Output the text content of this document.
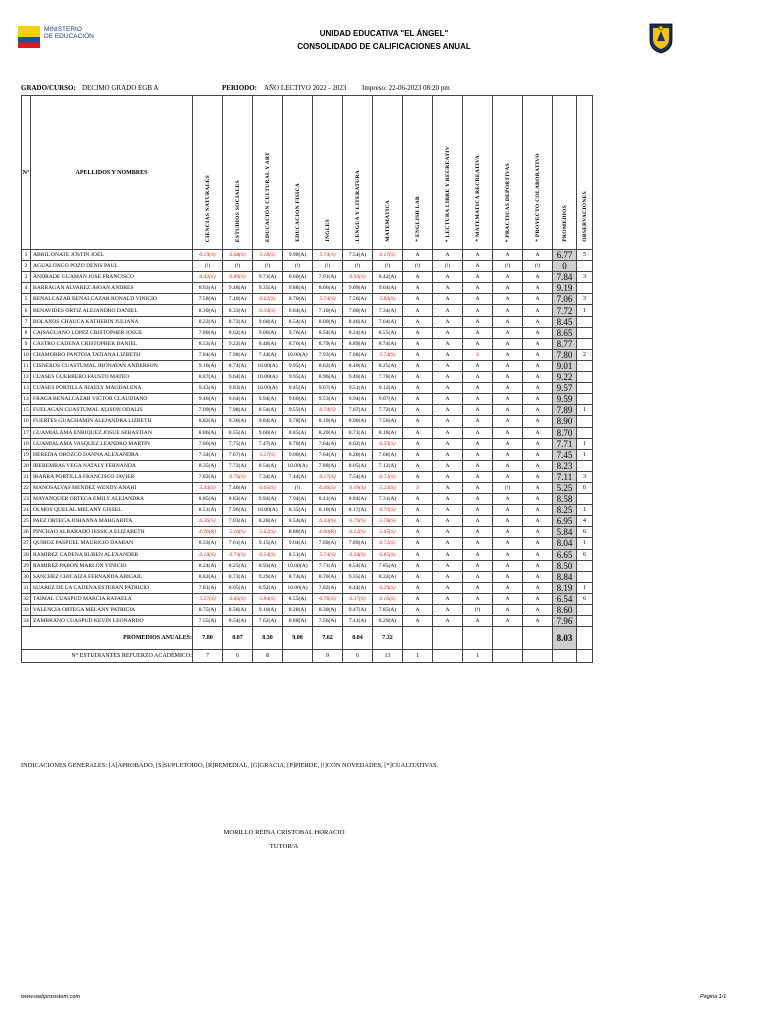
MINISTERIO
DE EDUCACIÓN	UNIDAD EDUCATIVA "EL ÁNGEL"
CONSOLIDADO DE CALIFICACIONES ANUAL
GRADO/CURSO: DECIMO GRADO EGB A	PERIODO: AÑO LECTIVO 2022 - 2023 Impreso: 22-06-2023 08:20 pm
N°	APELLIDOS Y NOMBRES	CIENCIAS NATURALES	ESTUDIOS SOCIALES	EDUCACIÓN CULTURAL Y ART	EDUCACION FISICA	INGLES	LENGUA Y LITERATURA	MATEMATICA	* ENGLISH LAB	* LECTURA LIBRE Y RECREATIV	* MATEMATICA RECREATIVA	* PRACTICAS DEPORTIVAS	* PROYECTO COLABORATIVO	PROMEDIOS	OBSERVACIONES
1	ABRIL ONATE JOSTIN JOEL	6.19(S)	6.68(S)	5.18(S)	9.98(A)	5.74(S)	7.54(A)	6.17(S)	A	A	A	A	A	6.77	5
2	AGUALONGO POZO DENIS PAUL	(!)	(!)	(!)	(!)	(!)	(!)	(!)	(!)	(!)	A	(!)	(!)	0	
3	ANDRADE GUAMAN JOSE FRANCISCO	6.42(S)	6.89(S)	9.71(A)	8.60(A)	7.91(A)	6.93(S)	8.42(A)	A	A	A	A	A	7.84	3
4	BARRAGAN ALVAREZ JHOAN ANDRES	8.92(A)	9.48(A)	9.35(A)	9.88(A)	8.66(A)	9.09(A)	9.04(A)	A	A	A	A	A	9.19	
5	BENALCAZAR BENALCAZAR RONALD VINICIO	7.58(A)	7.40(A)	6.62(S)	8.70(A)	5.74(S)	7.56(A)	5.83(S)	A	A	A	A	A	7.06	3
6	BENAVIDES ORTIZ ALEJANDRO DANIEL	8.30(A)	8.33(A)	6.34(S)	8.84(A)	7.10(A)	7.80(A)	7.34(A)	A	A	A	A	A	7.72	1
7	BOLANOS CHAUCA KATHERIN JULIANA	8.22(A)	8.72(A)	9.60(A)	8.54(A)	8.00(A)	8.46(A)	7.64(A)	A	A	A	A	A	8.45	
8	CAISAGUANO LOPEZ CRISTOPHER JOSUE	7.80(A)	8.62(A)	9.06(A)	9.76(A)	8.54(A)	8.24(A)	8.55(A)	A	A	A	A	A	8.65	
9	CASTRO CADENA CRISTOPHER DANIEL	8.53(A)	9.22(A)	8.48(A)	8.76(A)	8.79(A)	8.89(A)	8.74(A)	A	A	A	A	A	8.77	
10	CHAMORRO PANTOJA TATIANA LIZBETH	7.84(A)	7.98(A)	7.44(A)	10.00(A)	7.93(A)	7.68(A)	5.74(S)	A	A	S	A	A	7.80	2
11	CISNEROS CUASTUMAL JHONATAN ANDERSON	9.16(A)	8.74(A)	10.00(A)	9.95(A)	8.62(A)	8.40(A)	8.25(A)	A	A	A	A	A	9.01	
12	CUASES GUERRERO FAUSTO MATEO	8.87(A)	9.64(A)	10.00(A)	9.95(A)	8.96(A)	9.40(A)	7.78(A)	A	A	A	A	A	9.22	
13	CUASES PORTILLA JHAELY MAGDALENA	9.43(A)	9.83(A)	10.00(A)	9.45(A)	9.67(A)	9.51(A)	9.12(A)	A	A	A	A	A	9.57	
14	FRAGA BENALCAZAR VICTOR CLAUDIANO	9.46(A)	9.64(A)	9.94(A)	9.60(A)	9.53(A)	9.94(A)	9.07(A)	A	A	A	A	A	9.59	
15	FUELAGAN CUASTUMAL ALISON ODALIS	7.09(A)	7.98(A)	8.54(A)	9.55(A)	6.74(S)	7.67(A)	7.72(A)	A	A	A	A	A	7.89	1
16	FUERTES GUACHAMIN ALEJANDRA LIZBETH	8.82(A)	9.30(A)	9.84(A)	9.78(A)	8.19(A)	8.90(A)	7.56(A)	A	A	A	A	A	8.90	
17	GUAMIALAMA ENRIQUEZ JOSUE SEBASTIAN	8.86(A)	8.55(A)	9.60(A)	8.85(A)	8.20(A)	8.71(A)	8.18(A)	A	A	A	A	A	8.70	
18	GUAMIALAMA VASQUEZ LEANDRO MARTIN	7.86(A)	7.75(A)	7.47(A)	8.70(A)	7.64(A)	8.02(A)	6.59(S)	A	A	A	A	A	7.71	1
19	HEREDIA OROZCO DANNA ALEXANDRA	7.34(A)	7.67(A)	5.27(S)	9.00(A)	7.64(A)	8.20(A)	7.08(A)	A	A	A	A	A	7.45	1
20	IBEREMBAS VEGA NATALY FERNANDA	8.35(A)	7.72(A)	8.54(A)	10.00(A)	7.88(A)	8.05(A)	7.12(A)	A	A	A	A	A	8.23	
21	IBARRA PORTILLA FRANCISCO JAVIER	7.82(A)	6.76(S)	7.34(A)	7.44(A)	6.17(S)	7.54(A)	6.72(S)	A	A	A	A	A	7.11	3
22	MANOSALVAS MENDEZ WENDY ANAHI	5.44(S)	7.40(A)	6.65(S)	(!)	6.06(S)	6.09(S)	5.23(S)	S	A	A	(!)	A	5.25	6
23	MAYANQUER ORTEGA EMILY ALEJANDRA	8.85(A)	8.83(A)	9.94(A)	7.94(A)	8.41(A)	8.84(A)	7.31(A)	A	A	A	A	A	8.58	
24	OLMOS QUELAL MELANY GISSEL	8.51(A)	7.96(A)	10.00(A)	8.35(A)	8.10(A)	8.17(A)	6.70(S)	A	A	A	A	A	8.25	1
25	PAEZ ORTEGA JOHANNA MARGARITA	6.36(S)	7.03(A)	8.28(A)	8.54(A)	6.33(S)	6.79(S)	5.78(S)	A	A	A	A	A	6.95	4
26	PINCHAO ALBARADO JESSICA ELIZABETH	4.76(R)	5.10(S)	5.62(S)	8.88(A)	4.90(R)	6.12(S)	5.65(S)	A	A	A	A	A	5.84	6
27	QUIROZ PASPUEL MAURICIO DAMIAN	8.33(A)	7.61(A)	9.15(A)	9.04(A)	7.60(A)	7.89(A)	6.72(S)	A	A	A	A	A	8.04	1
28	RAMIREZ CADENA RUBEN ALEXANDER	6.18(S)	6.74(S)	6.54(S)	8.51(A)	5.74(S)	6.04(S)	6.85(S)	A	A	A	A	A	6.65	6
29	RAMIREZ PABON MARLON VINICIO	8.24(A)	8.25(A)	8.93(A)	10.00(A)	7.71(A)	8.54(A)	7.85(A)	A	A	A	A	A	8.50	
30	SANCHEZ CHICAIZA FERNANDA ABIGAIL	8.82(A)	8.73(A)	9.29(A)	8.74(A)	8.70(A)	9.35(A)	8.32(A)	A	A	A	A	A	8.84	
31	SUAREZ DE LA CADENA ESTEBAN PATRICIO	7.81(A)	8.05(A)	8.92(A)	10.00(A)	7.82(A)	8.44(A)	6.29(S)	A	A	A	A	A	8.19	1
32	TAIMAL CUASPUD MARCIA RAFAELA	5.27(S)	6.85(S)	5.84(S)	8.55(A)	6.76(S)	6.37(S)	6.16(S)	A	A	A	A	A	6.54	6
33	VALENCIA ORTEGA MELANY PATRICIA	8.75(A)	8.56(A)	9.10(A)	8.28(A)	8.30(A)	9.47(A)	7.85(A)	A	A	(!)	A	A	8.60	
34	ZAMBRANO CUASPUD KEVIN LEONARDO	7.55(A)	8.54(A)	7.62(A)	8.88(A)	7.56(A)	7.41(A)	8.29(A)	A	A	A	A	A	7.96	
PROMEDIOS ANUALES:		7.80	8.07	8.30	9.08	7.62	8.04	7.32						8.03	
N° ESTUDIANTES REFUERZO ACADÉMICO:		7	6	8		9	6	13	1		1				
INDICACIONES GENERALES: [A]APROBADO, [S]SUPLETORIO, [R]REMEDIAL, [G]GRACIA, [P]PIERDE, [!]CON NOVEDADES, [*]CUALITATIVAS.
MORILLO REINA CRISTOBAL HORACIO
TUTOR/A
www.webprosistem.com	Página 1/1
